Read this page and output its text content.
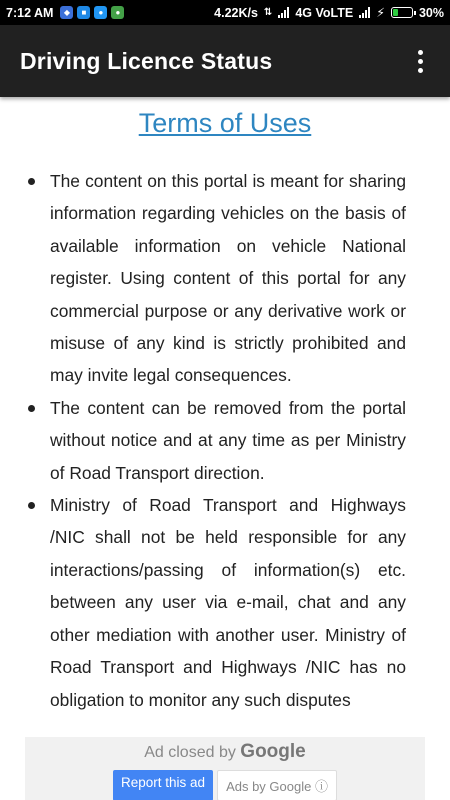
7:12 AM	◆	■	●	●	4.22K/s ⇅ 4G VoLTE ⚡	30%
Driving Licence Status
Terms of Uses
The content on this portal is meant for sharing information regarding vehicles on the basis of available information on vehicle National register. Using content of this portal for any commercial purpose or any derivative work or misuse of any kind is strictly prohibited and may invite legal consequences.
The content can be removed from the portal without notice and at any time as per Ministry of Road Transport direction.
Ministry of Road Transport and Highways /NIC shall not be held responsible for any interactions/passing of information(s) etc. between any user via e-mail, chat and any other mediation with another user. Ministry of Road Transport and Highways /NIC has no obligation to monitor any such disputes
Ad closed by Google
Report this ad	Ads by Google ⓘ
